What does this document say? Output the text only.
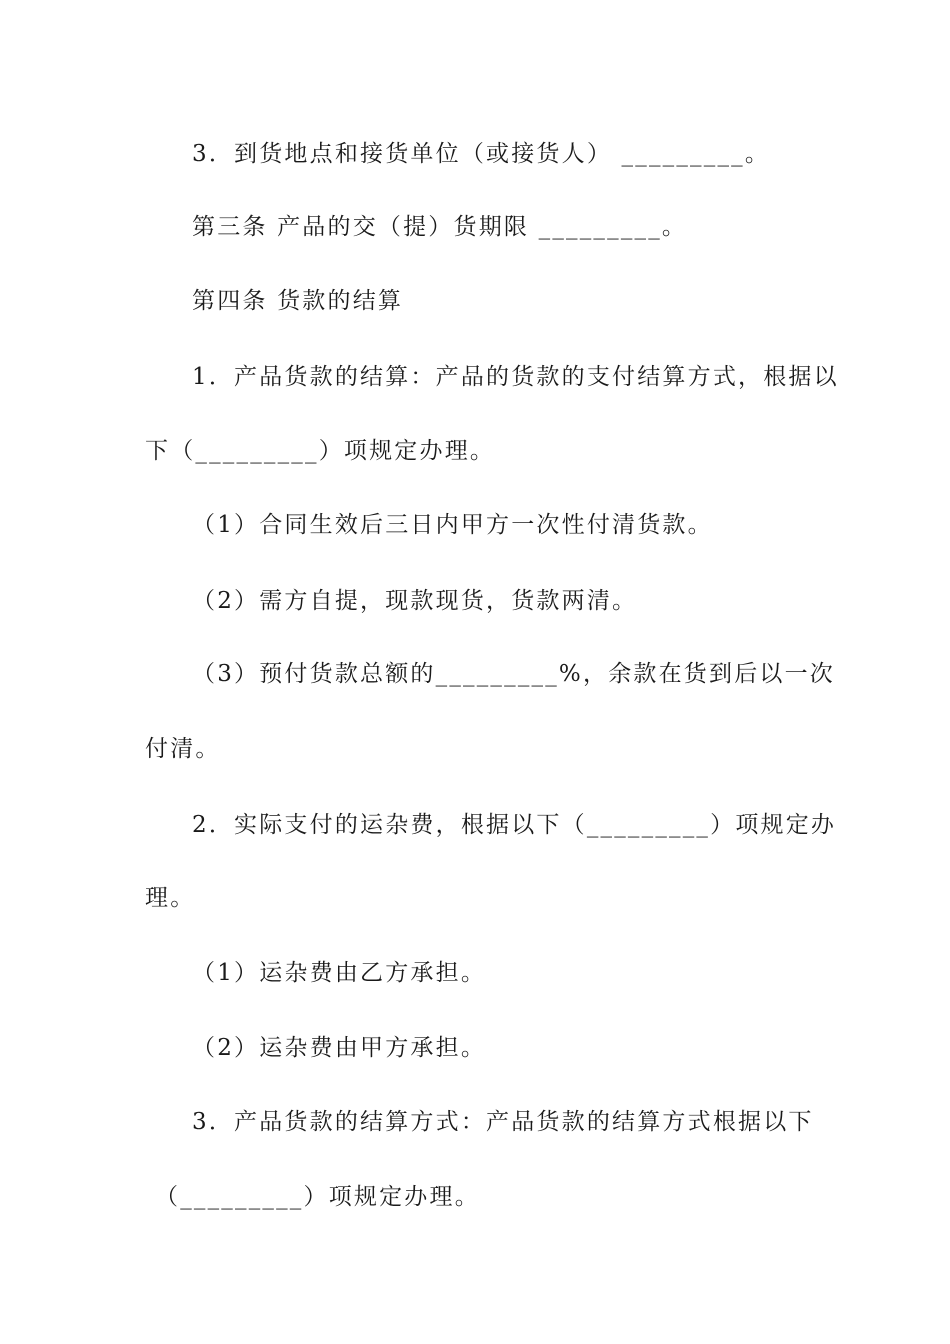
3．到货地点和接货单位（或接货人） _________。
第三条 产品的交（提）货期限 _________。
第四条 货款的结算
1．产品货款的结算：产品的货款的支付结算方式，根据以
下（_________）项规定办理。
（1）合同生效后三日内甲方一次性付清货款。
（2）需方自提，现款现货，货款两清。
（3）预付货款总额的_________%，余款在货到后以一次
付清。
2．实际支付的运杂费，根据以下（_________）项规定办
理。
（1）运杂费由乙方承担。
（2）运杂费由甲方承担。
3．产品货款的结算方式：产品货款的结算方式根据以下
（_________）项规定办理。
